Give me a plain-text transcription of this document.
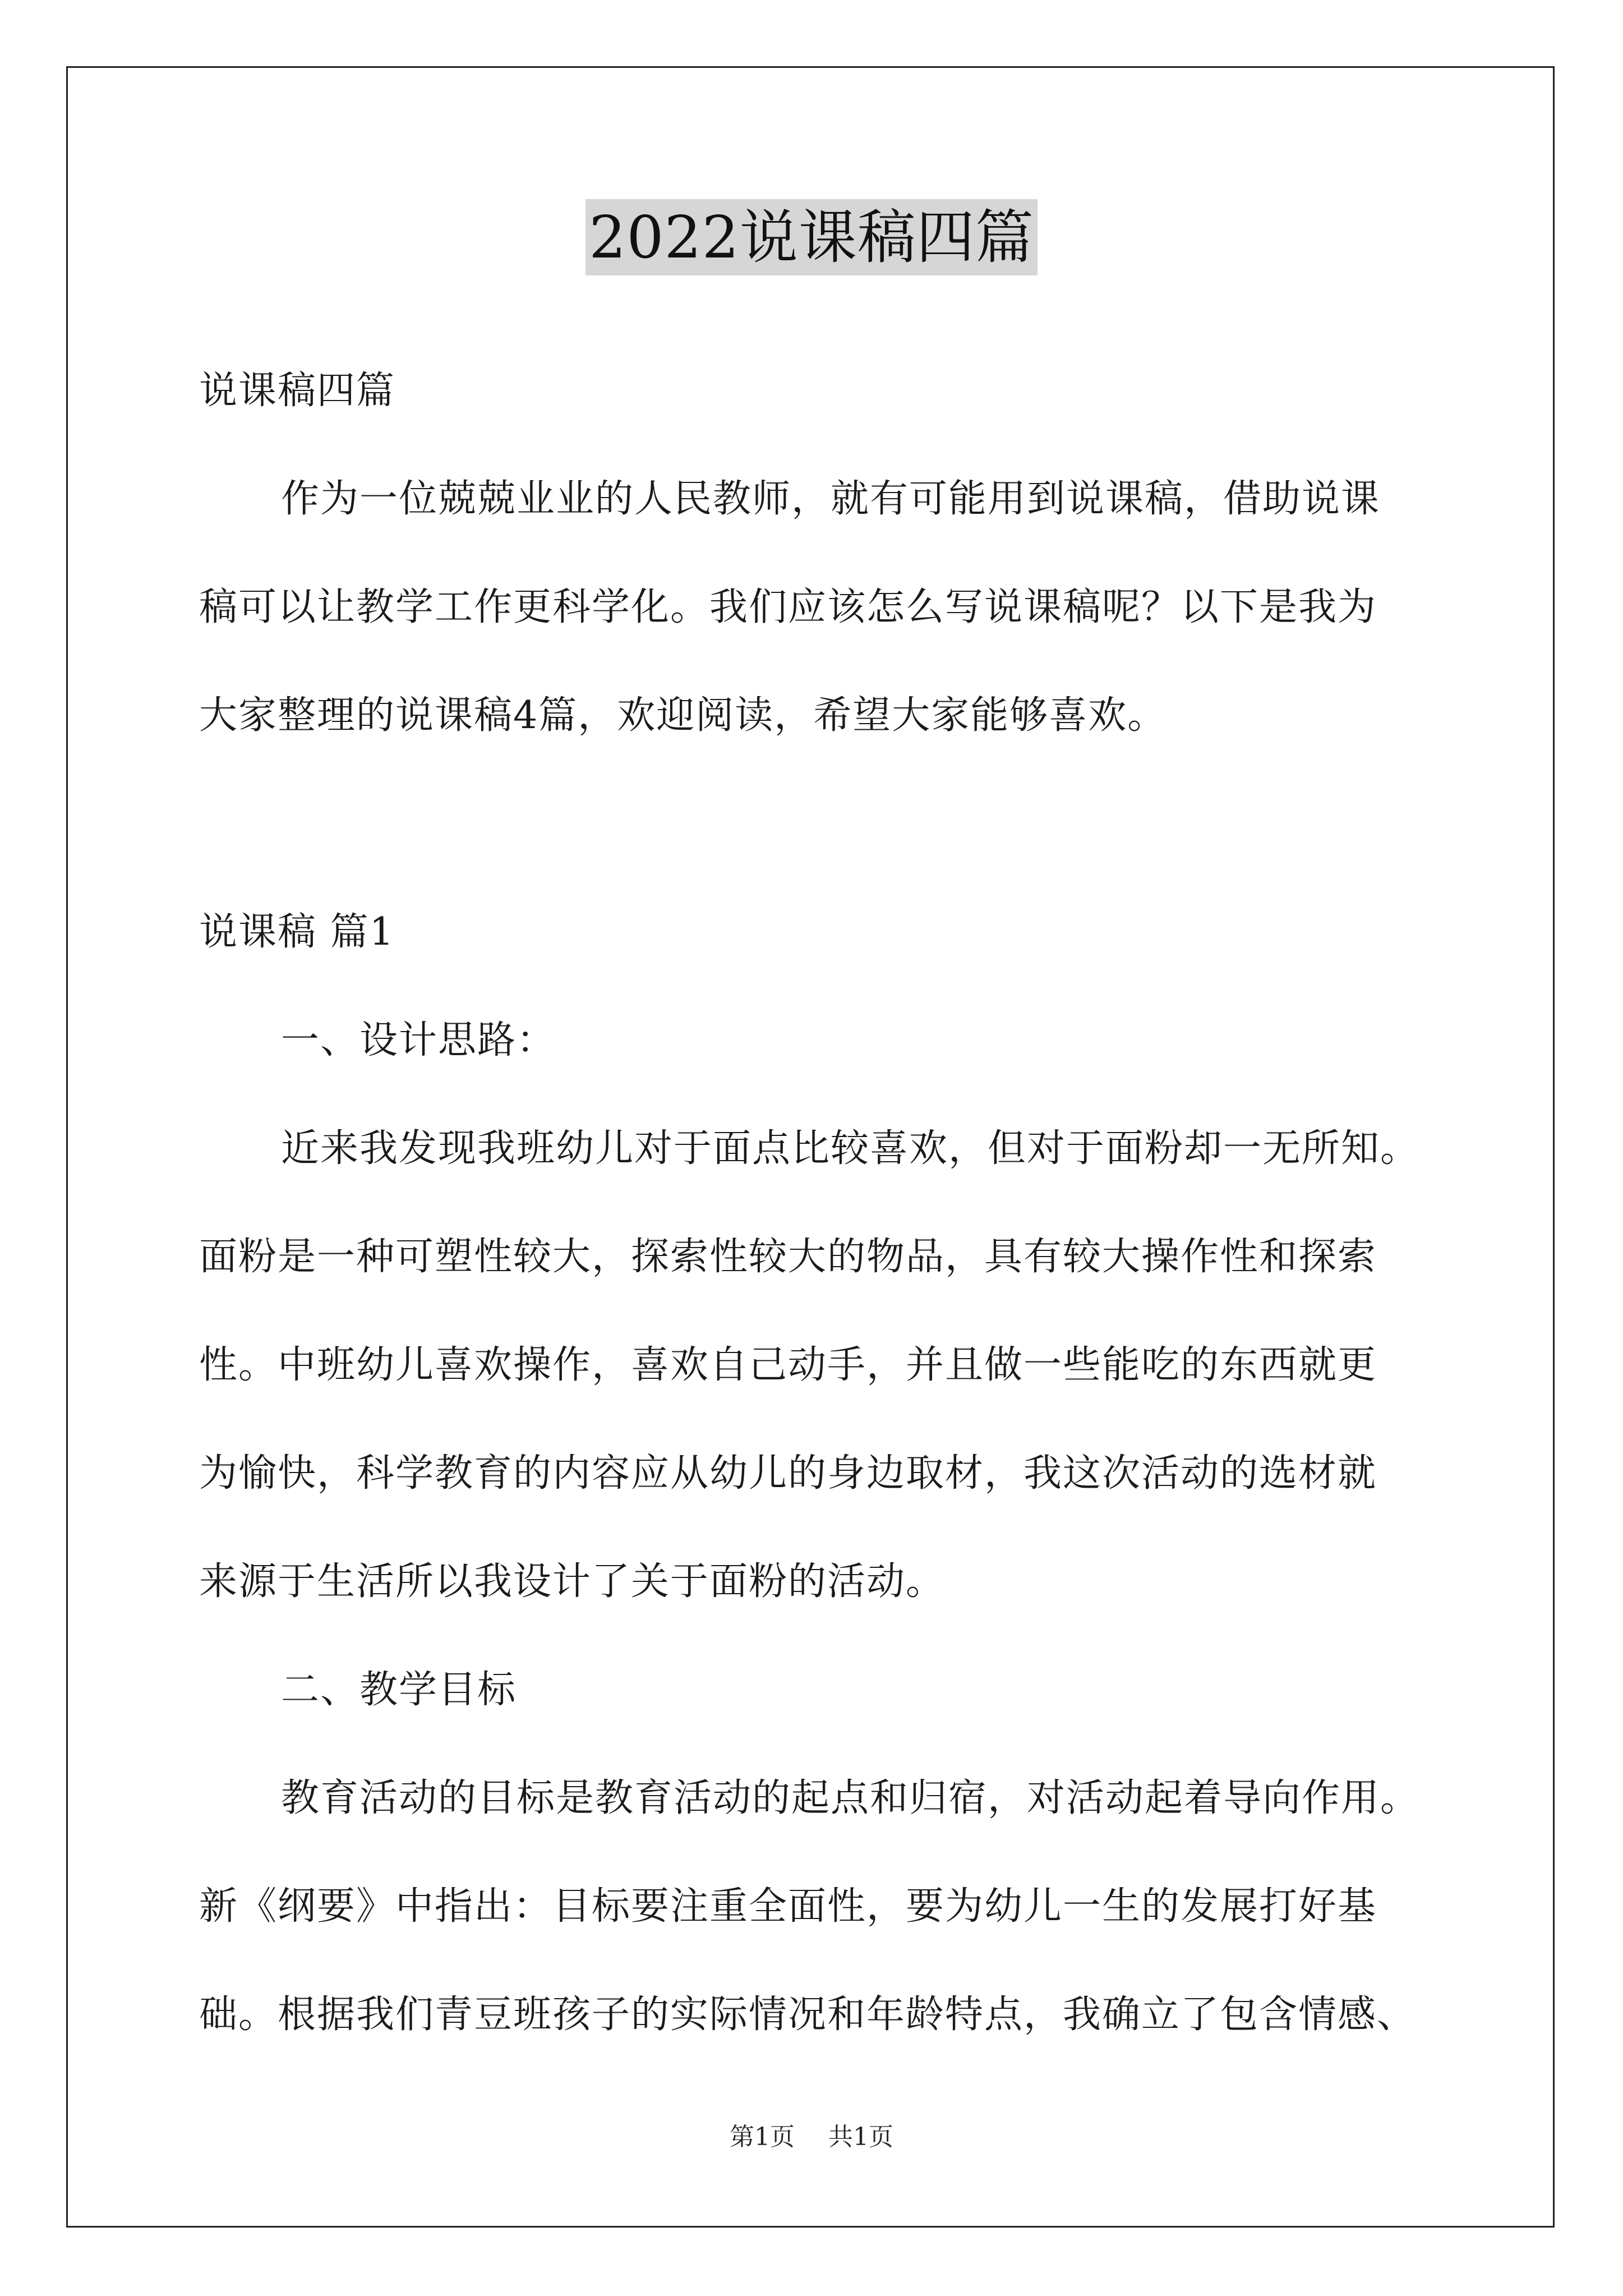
2022说课稿四篇

说课稿四篇

作为一位兢兢业业的人民教师，就有可能用到说课稿，借助说课

稿可以让教学工作更科学化。我们应该怎么写说课稿呢？以下是我为

大家整理的说课稿4篇，欢迎阅读，希望大家能够喜欢。

说课稿 篇1

一、设计思路：

近来我发现我班幼儿对于面点比较喜欢，但对于面粉却一无所知。

面粉是一种可塑性较大，探索性较大的物品，具有较大操作性和探索

性。中班幼儿喜欢操作，喜欢自己动手，并且做一些能吃的东西就更

为愉快，科学教育的内容应从幼儿的身边取材，我这次活动的选材就

来源于生活所以我设计了关于面粉的活动。

二、教学目标

教育活动的目标是教育活动的起点和归宿，对活动起着导向作用。

新《纲要》中指出：目标要注重全面性，要为幼儿一生的发展打好基

础。根据我们青豆班孩子的实际情况和年龄特点，我确立了包含情感、

第1页 共1页
